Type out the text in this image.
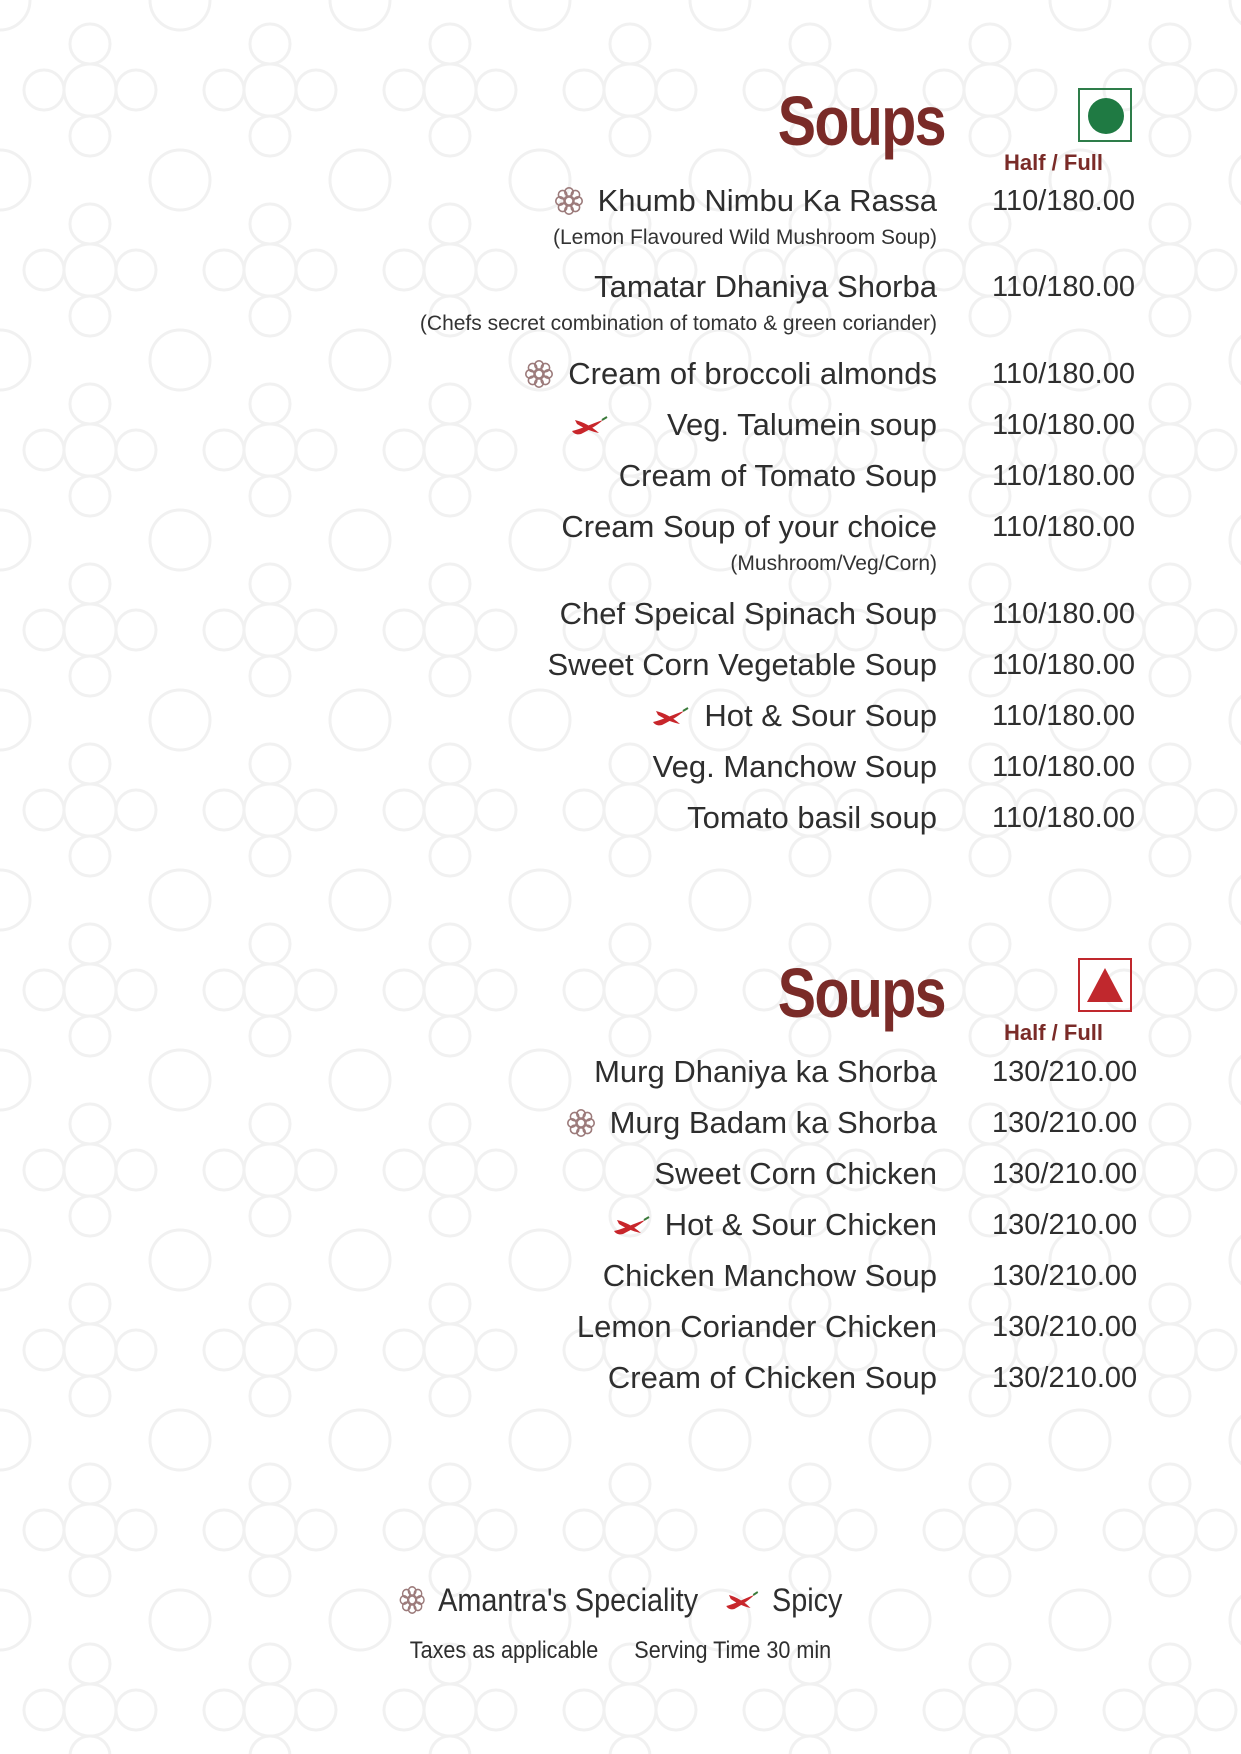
Soups
Half / Full
Khumb Nimbu Ka Rassa 110/180.00
(Lemon Flavoured Wild Mushroom Soup)
Tamatar Dhaniya Shorba 110/180.00
(Chefs secret combination of tomato & green coriander)
Cream of broccoli almonds 110/180.00
Veg. Talumein soup 110/180.00
Cream of Tomato Soup 110/180.00
Cream Soup of your choice 110/180.00
(Mushroom/Veg/Corn)
Chef Speical Spinach Soup 110/180.00
Sweet Corn Vegetable Soup 110/180.00
Hot & Sour Soup 110/180.00
Veg. Manchow Soup 110/180.00
Tomato basil soup 110/180.00
Soups
Half / Full
Murg Dhaniya ka Shorba 130/210.00
Murg Badam ka Shorba 130/210.00
Sweet Corn Chicken 130/210.00
Hot & Sour Chicken 130/210.00
Chicken Manchow Soup 130/210.00
Lemon Coriander Chicken 130/210.00
Cream of Chicken Soup 130/210.00
Amantra's Speciality Spicy
Taxes as applicable Serving Time 30 min
